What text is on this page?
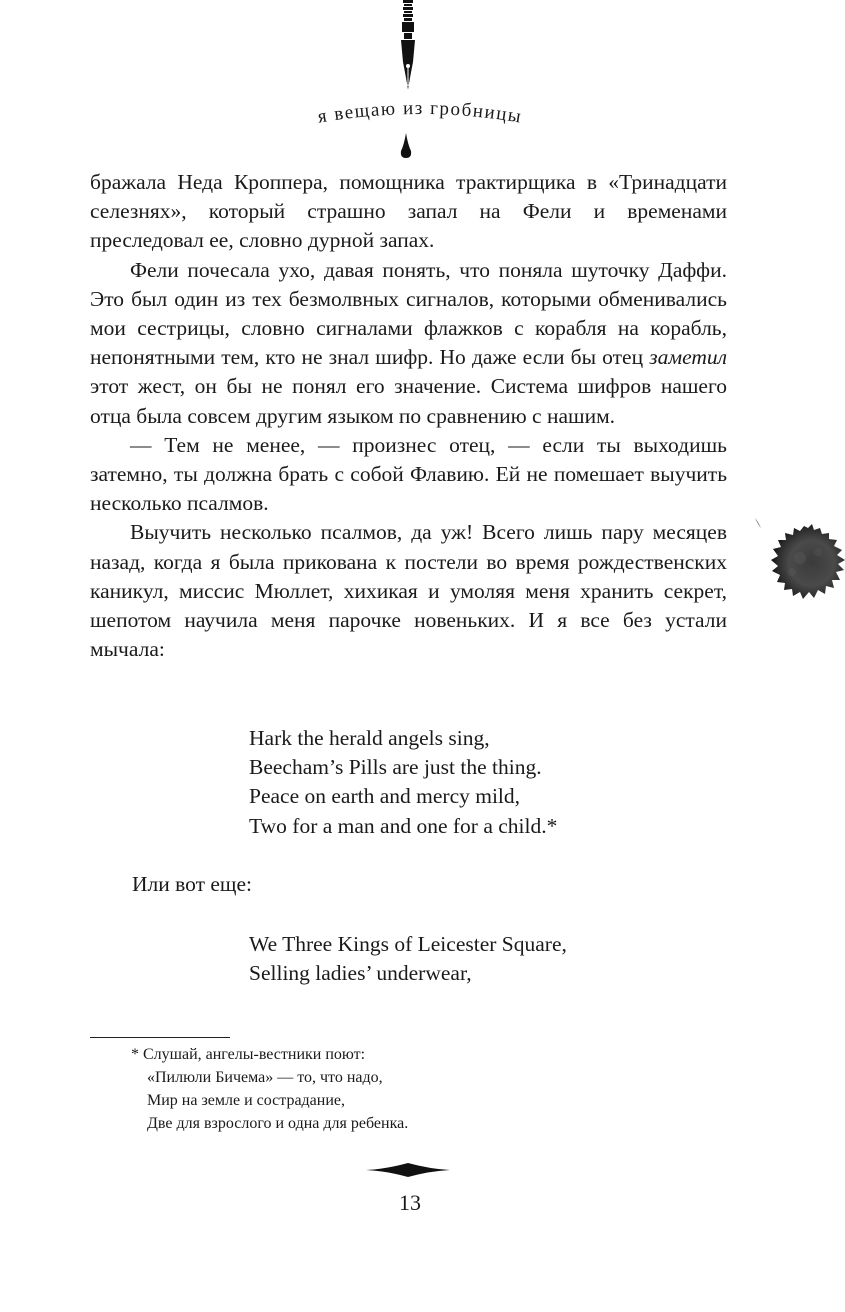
я вещаю из гробницы

бражала Неда Кроппера, помощника трактирщика в «Тринадцати селезнях», который страшно запал на Фели и временами преследовал ее, словно дурной запах.

Фели почесала ухо, давая понять, что поняла шуточку Даффи. Это был один из тех безмолвных сигналов, которыми обменивались мои сестрицы, словно сигналами флажков с корабля на корабль, непонятными тем, кто не знал шифр. Но даже если бы отец заметил этот жест, он бы не понял его значение. Система шифров нашего отца была совсем другим языком по сравнению с нашим.

— Тем не менее, — произнес отец, — если ты выходишь затемно, ты должна брать с собой Флавию. Ей не помешает выучить несколько псалмов.

Выучить несколько псалмов, да уж! Всего лишь пару месяцев назад, когда я была прикована к постели во время рождественских каникул, миссис Мюллет, хихикая и умоляя меня хранить секрет, шепотом научила меня парочке новеньких. И я все без устали мычала:

Hark the herald angels sing,
Beecham’s Pills are just the thing.
Peace on earth and mercy mild,
Two for a man and one for a child.*
Или вот еще:
We Three Kings of Leicester Square,
Selling ladies’ underwear,
* Слушай, ангелы-вестники поют:
«Пилюли Бичема» — то, что надо,
Мир на земле и сострадание,
Две для взрослого и одна для ребенка.
13
